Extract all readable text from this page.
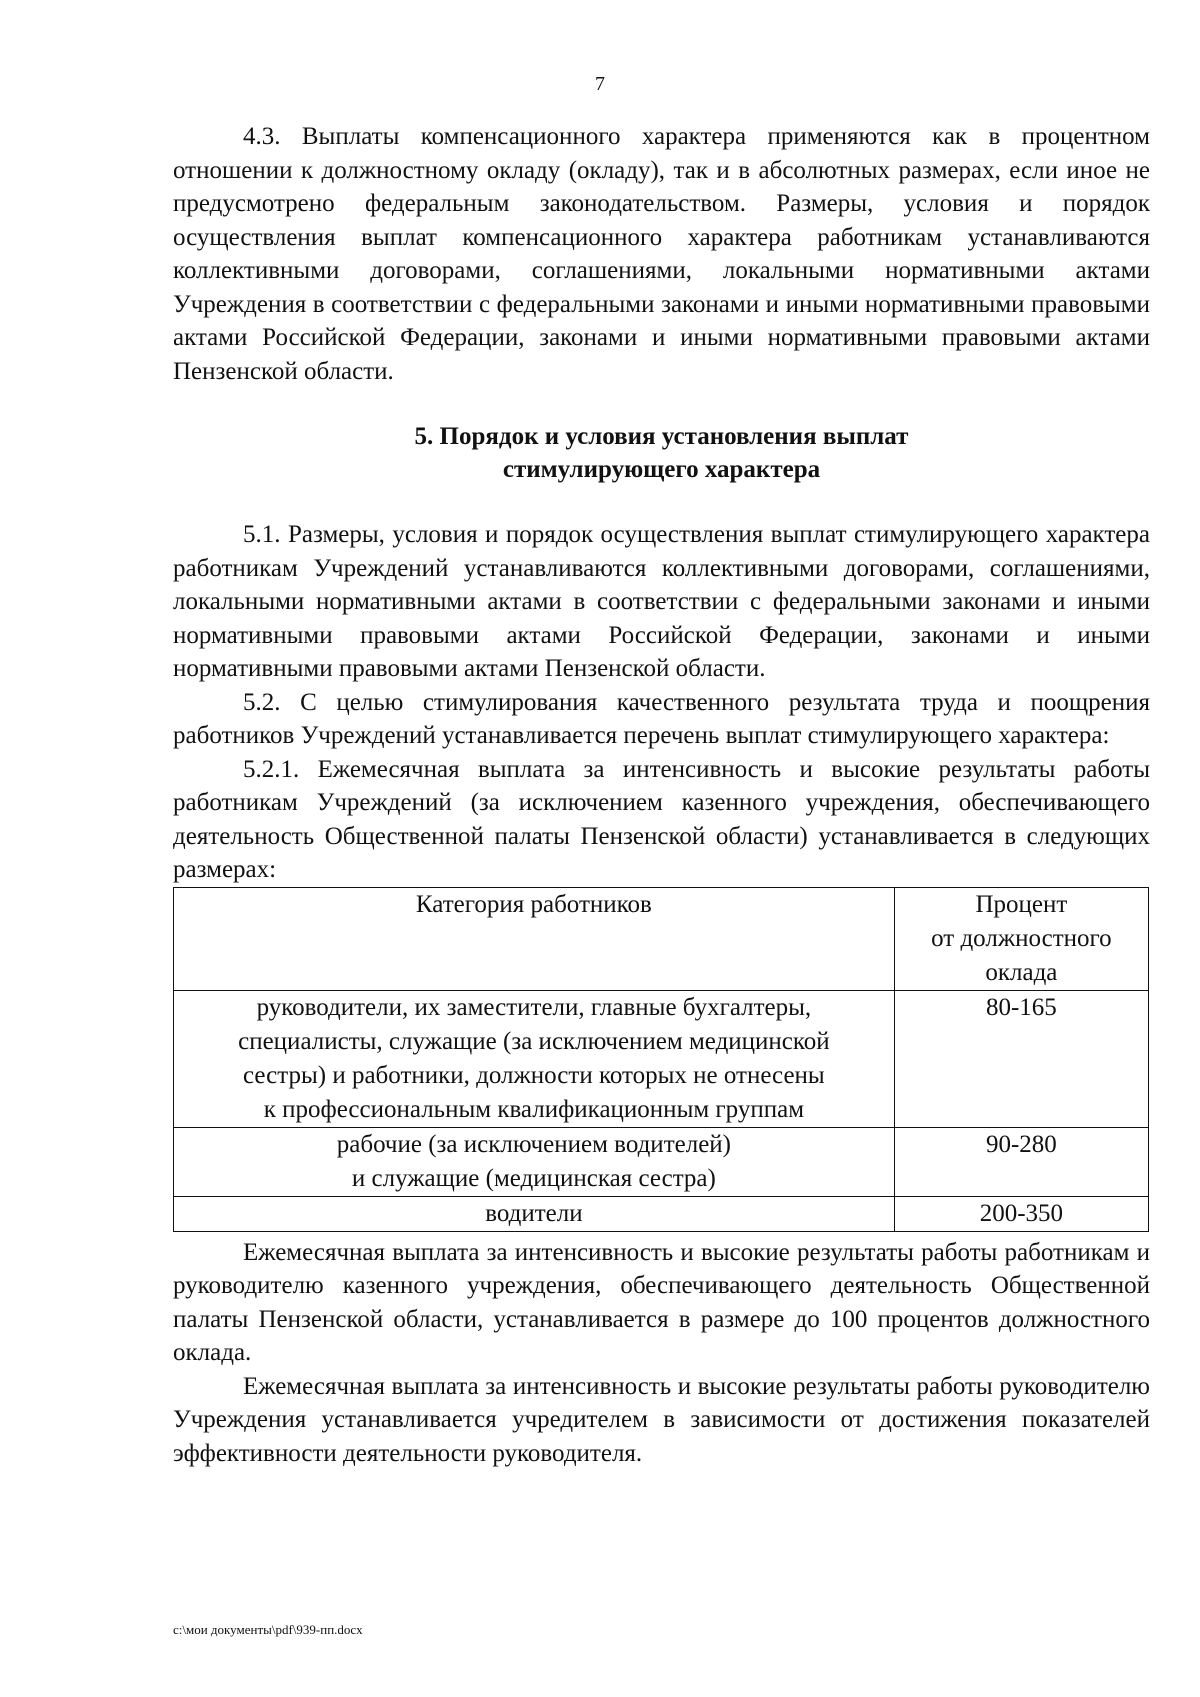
7

4.3. Выплаты компенсационного характера применяются как в процентном отношении к должностному окладу (окладу), так и в абсолютных размерах, если иное не предусмотрено федеральным законодательством. Размеры, условия и порядок осуществления выплат компенсационного характера работникам устанавливаются коллективными договорами, соглашениями, локальными нормативными актами Учреждения в соответствии с федеральными законами и иными нормативными правовыми актами Российской Федерации, законами и иными нормативными правовыми актами Пензенской области.

5. Порядок и условия установления выплат
стимулирующего характера

5.1. Размеры, условия и порядок осуществления выплат стимулирующего характера работникам Учреждений устанавливаются коллективными договорами, соглашениями, локальными нормативными актами в соответствии с федеральными законами и иными нормативными правовыми актами Российской Федерации, законами и иными нормативными правовыми актами Пензенской области.

5.2. С целью стимулирования качественного результата труда и поощрения работников Учреждений устанавливается перечень выплат стимулирующего характера:

5.2.1. Ежемесячная выплата за интенсивность и высокие результаты работы работникам Учреждений (за исключением казенного учреждения, обеспечивающего деятельность Общественной палаты Пензенской области) устанавливается в следующих размерах:

Категория работников	Процент
от должностного
оклада

руководители, их заместители, главные бухгалтеры,
специалисты, служащие (за исключением медицинской
сестры) и работники, должности которых не отнесены
к профессиональным квалификационным группам	80-165

рабочие (за исключением водителей)
и служащие (медицинская сестра)	90-280

водители	200-350

Ежемесячная выплата за интенсивность и высокие результаты работы работникам и руководителю казенного учреждения, обеспечивающего деятельность Общественной палаты Пензенской области, устанавливается в размере до 100 процентов должностного оклада.

Ежемесячная выплата за интенсивность и высокие результаты работы руководителю Учреждения устанавливается учредителем в зависимости от достижения показателей эффективности деятельности руководителя.

c:\мои документы\pdf\939-пп.docx
